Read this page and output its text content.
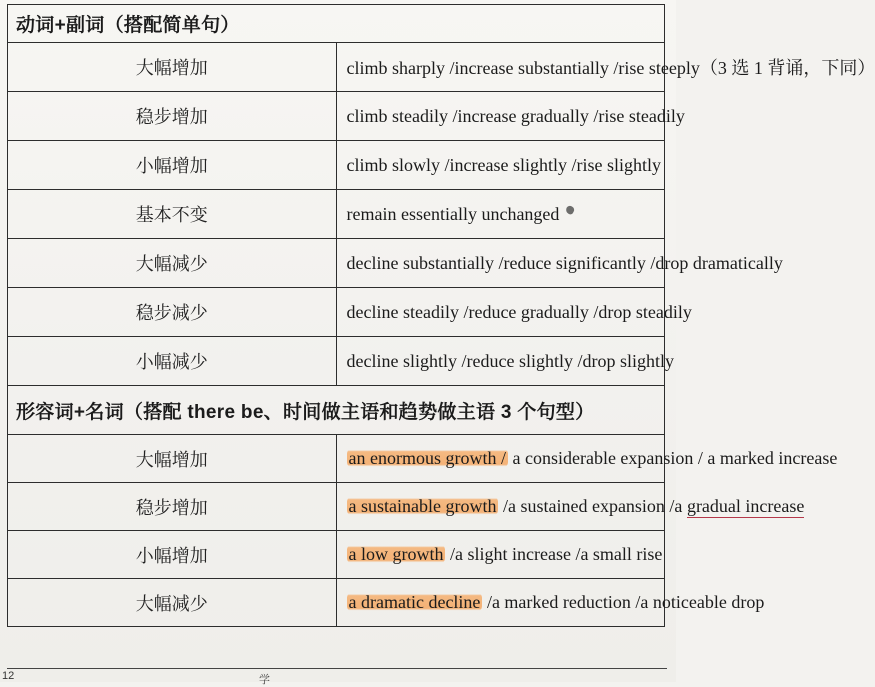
动词+副词（搭配简单句）	
大幅增加	climb sharply /increase substantially /rise steeply（3 选 1 背诵，下同）
稳步增加	climb steadily /increase gradually /rise steadily
小幅增加	climb slowly /increase slightly /rise slightly
基本不变	remain essentially unchanged
大幅减少	decline substantially /reduce significantly /drop dramatically
稳步减少	decline steadily /reduce gradually /drop steadily
小幅减少	decline slightly /reduce slightly /drop slightly
形容词+名词（搭配 there be、时间做主语和趋势做主语 3 个句型）	
大幅增加	an enormous growth / a considerable expansion / a marked increase
稳步增加	a sustainable growth /a sustained expansion /a gradual increase
小幅增加	a low growth /a slight increase /a small rise
大幅减少	a dramatic decline /a marked reduction /a noticeable drop
12	学
